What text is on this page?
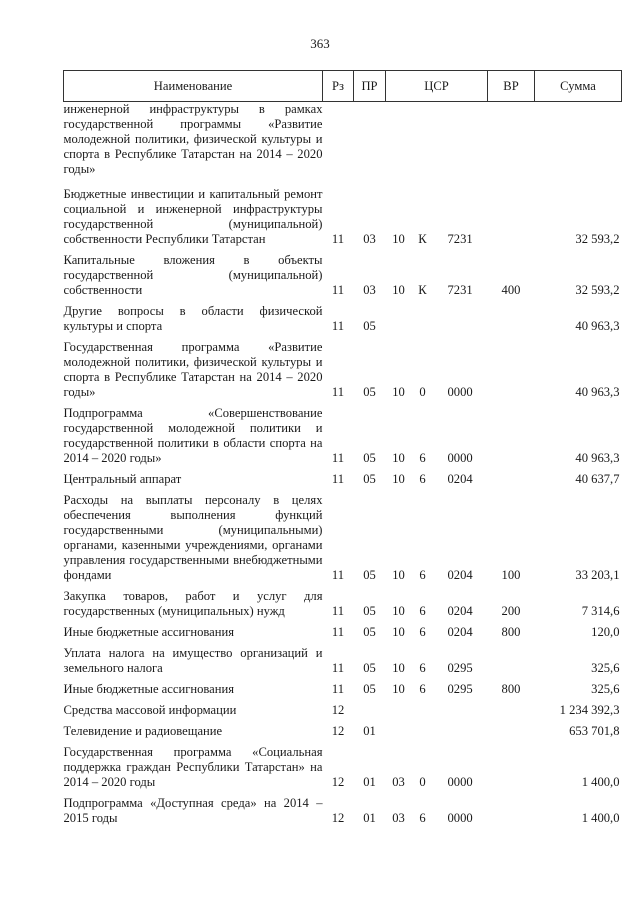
363
Наименование	Рз	ПР	ЦСР	ВР	Сумма

инженерной инфраструктуры в рамках государственной программы «Развитие молодежной политики, физической культуры и спорта в Республике Татарстан на 2014 – 2020 годы»					

Бюджетные инвестиции и капитальный ремонт социальной и инженерной инфраструктуры государственной (муниципальной) собственности Республики Татарстан	11	03	10 К 7231		32 593,2

Капитальные вложения в объекты государственной (муниципальной) собственности	11	03	10 К 7231	400	32 593,2

Другие вопросы в области физической культуры и спорта	11	05			40 963,3

Государственная программа «Развитие молодежной политики, физической культуры и спорта в Республике Татарстан на 2014 – 2020 годы»	11	05	10 0 0000		40 963,3

Подпрограмма «Совершенствование государственной молодежной политики и государственной политики в области спорта на 2014 – 2020 годы»	11	05	10 6 0000		40 963,3

Центральный аппарат	11	05	10 6 0204		40 637,7

Расходы на выплаты персоналу в целях обеспечения выполнения функций государственными (муниципальными) органами, казенными учреждениями, органами управления государственными внебюджетными фондами	11	05	10 6 0204	100	33 203,1

Закупка товаров, работ и услуг для государственных (муниципальных) нужд	11	05	10 6 0204	200	7 314,6

Иные бюджетные ассигнования	11	05	10 6 0204	800	120,0

Уплата налога на имущество организаций и земельного налога	11	05	10 6 0295		325,6

Иные бюджетные ассигнования	11	05	10 6 0295	800	325,6

Средства массовой информации	12				1 234 392,3

Телевидение и радиовещание	12	01			653 701,8

Государственная программа «Социальная поддержка граждан Республики Татарстан» на 2014 – 2020 годы	12	01	03 0 0000		1 400,0

Подпрограмма «Доступная среда» на 2014 – 2015 годы	12	01	03 6 0000		1 400,0
